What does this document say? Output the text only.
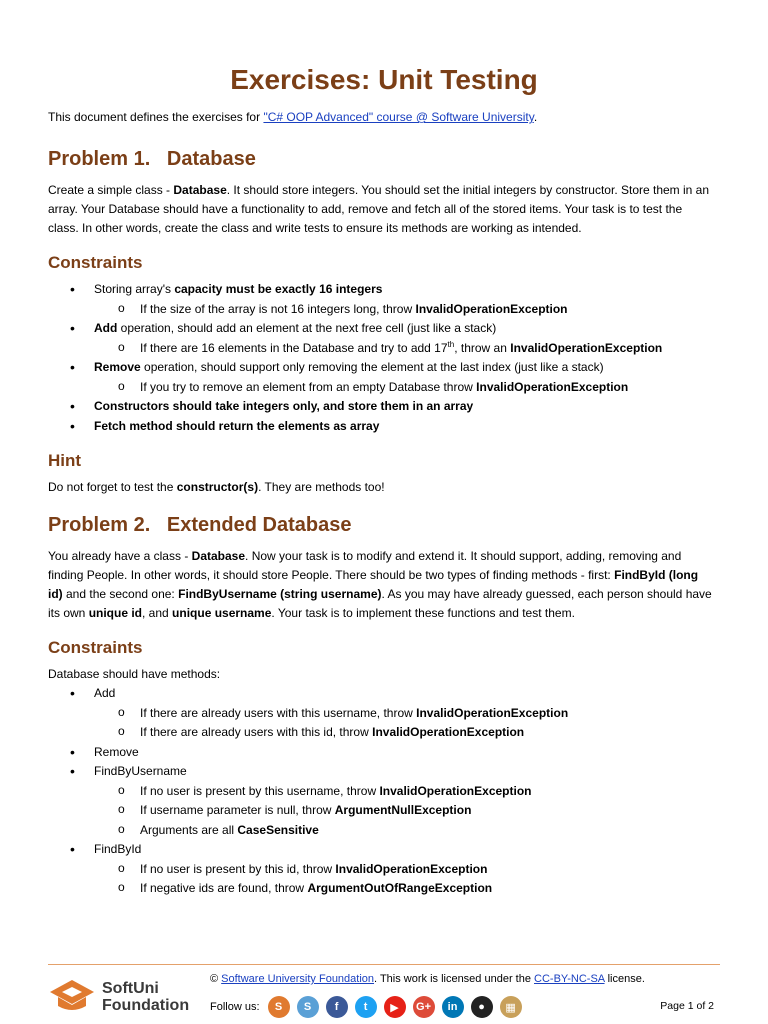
Exercises: Unit Testing

This document defines the exercises for "C# OOP Advanced" course @ Software University.

Problem 1.   Database

Create a simple class - Database. It should store integers. You should set the initial integers by constructor. Store them in an array. Your Database should have a functionality to add, remove and fetch all of the stored items. Your task is to test the class. In other words, create the class and write tests to ensure its methods are working as intended.

Constraints
• Storing array's capacity must be exactly 16 integers
o If the size of the array is not 16 integers long, throw InvalidOperationException
• Add operation, should add an element at the next free cell (just like a stack)
o If there are 16 elements in the Database and try to add 17th, throw an InvalidOperationException
• Remove operation, should support only removing the element at the last index (just like a stack)
o If you try to remove an element from an empty Database throw InvalidOperationException
• Constructors should take integers only, and store them in an array
• Fetch method should return the elements as array
Hint

Do not forget to test the constructor(s). They are methods too!

Problem 2.   Extended Database

You already have a class - Database. Now your task is to modify and extend it. It should support, adding, removing and finding People. In other words, it should store People. There should be two types of finding methods - first: FindById (long id) and the second one: FindByUsername (string username). As you may have already guessed, each person should have its own unique id, and unique username. Your task is to implement these functions and test them.

Constraints

Database should have methods:

• Add
o If there are already users with this username, throw InvalidOperationException
o If there are already users with this id, throw InvalidOperationException
• Remove
• FindByUsername
o If no user is present by this username, throw InvalidOperationException
o If username parameter is null, throw ArgumentNullException
o Arguments are all CaseSensitive
• FindById
o If no user is present by this id, throw InvalidOperationException
o If negative ids are found, throw ArgumentOutOfRangeException
SoftUni
Foundation
© Software University Foundation. This work is licensed under the CC-BY-NC-SA license.
Follow us:	S	S	f	t	▶	G+	in	●	▦	Page 1 of 2
